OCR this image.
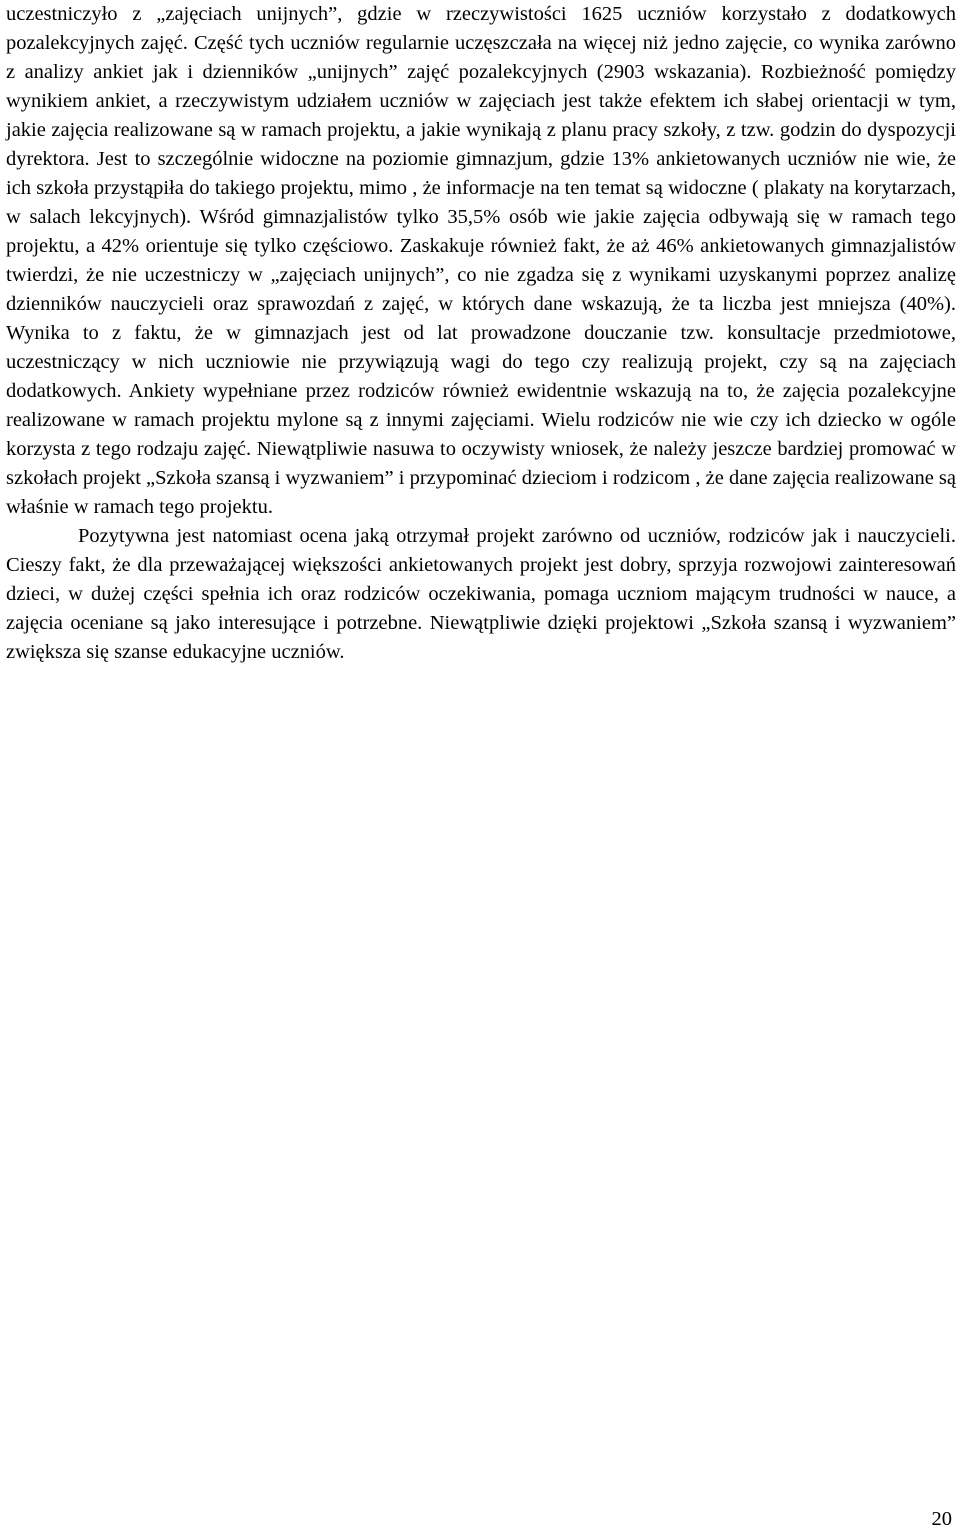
uczestniczyło z „zajęciach unijnych”, gdzie w rzeczywistości 1625 uczniów korzystało z dodatkowych pozalekcyjnych zajęć. Część tych uczniów regularnie uczęszczała na więcej niż jedno zajęcie, co wynika zarówno z analizy ankiet jak i dzienników „unijnych” zajęć pozalekcyjnych (2903 wskazania). Rozbieżność pomiędzy wynikiem ankiet, a rzeczywistym udziałem uczniów w zajęciach jest także efektem ich słabej orientacji w tym, jakie zajęcia realizowane są w ramach projektu, a jakie wynikają z planu pracy szkoły, z tzw. godzin do dyspozycji dyrektora. Jest to szczególnie widoczne na poziomie gimnazjum, gdzie 13% ankietowanych uczniów nie wie, że ich szkoła przystąpiła do takiego projektu, mimo , że informacje na ten temat są widoczne ( plakaty na korytarzach, w salach lekcyjnych). Wśród gimnazjalistów tylko 35,5% osób wie jakie zajęcia odbywają się w ramach tego projektu, a 42% orientuje się tylko częściowo. Zaskakuje również fakt, że aż 46% ankietowanych gimnazjalistów twierdzi, że nie uczestniczy w „zajęciach unijnych”, co nie zgadza się z wynikami uzyskanymi poprzez analizę dzienników nauczycieli oraz sprawozdań z zajęć, w których dane wskazują, że ta liczba jest mniejsza (40%). Wynika to z faktu, że w gimnazjach jest od lat prowadzone douczanie tzw. konsultacje przedmiotowe, uczestniczący w nich uczniowie nie przywiązują wagi do tego czy realizują projekt, czy są na zajęciach dodatkowych. Ankiety wypełniane przez rodziców również ewidentnie wskazują na to, że zajęcia pozalekcyjne realizowane w ramach projektu mylone są z innymi zajęciami. Wielu rodziców nie wie czy ich dziecko w ogóle korzysta z tego rodzaju zajęć. Niewątpliwie nasuwa to oczywisty wniosek, że należy jeszcze bardziej promować w szkołach projekt „Szkoła szansą i wyzwaniem” i przypominać dzieciom i rodzicom , że dane zajęcia realizowane są właśnie w ramach tego projektu.

Pozytywna jest natomiast ocena jaką otrzymał projekt zarówno od uczniów, rodziców jak i nauczycieli. Cieszy fakt, że dla przeważającej większości ankietowanych projekt jest dobry, sprzyja rozwojowi zainteresowań dzieci, w dużej części spełnia ich oraz rodziców oczekiwania, pomaga uczniom mającym trudności w nauce, a zajęcia oceniane są jako interesujące i potrzebne. Niewątpliwie dzięki projektowi „Szkoła szansą i wyzwaniem” zwiększa się szanse edukacyjne uczniów.

20
